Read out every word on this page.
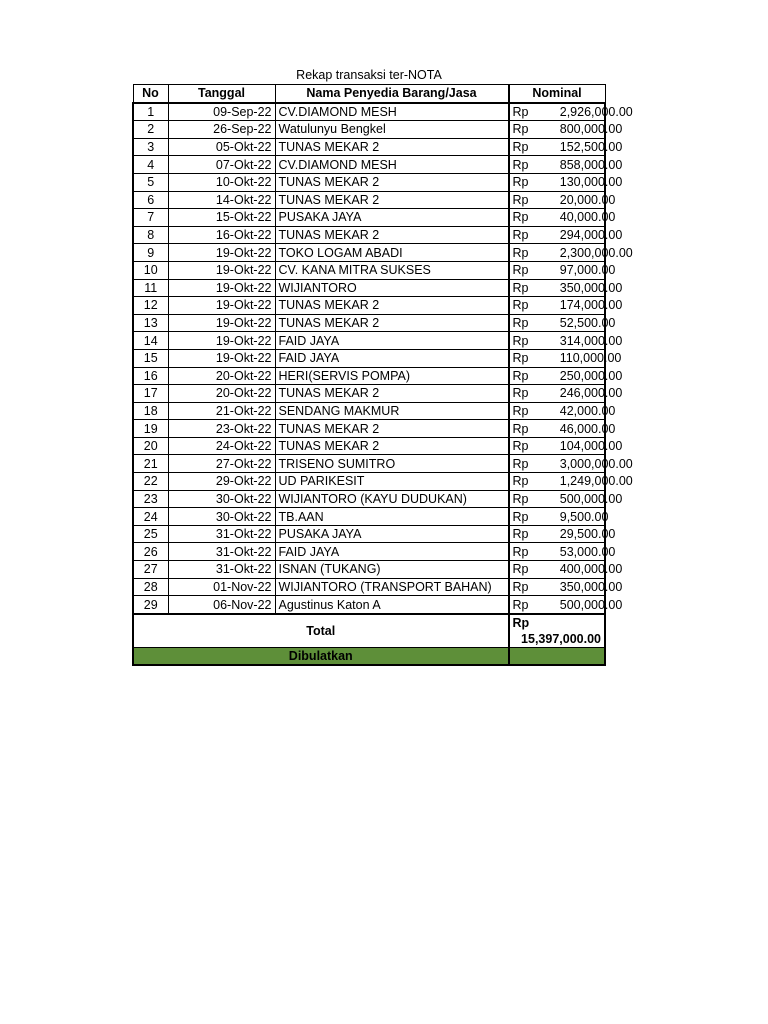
Rekap transaksi ter-NOTA
No	Tanggal	Nama Penyedia Barang/Jasa	Nominal	
1	09-Sep-22	CV.DIAMOND MESH	Rp	2,926,000.00
2	26-Sep-22	Watulunyu Bengkel	Rp	800,000.00
3	05-Okt-22	TUNAS MEKAR 2	Rp	152,500.00
4	07-Okt-22	CV.DIAMOND MESH	Rp	858,000.00
5	10-Okt-22	TUNAS MEKAR 2	Rp	130,000.00
6	14-Okt-22	TUNAS MEKAR 2	Rp	20,000.00
7	15-Okt-22	PUSAKA JAYA	Rp	40,000.00
8	16-Okt-22	TUNAS MEKAR 2	Rp	294,000.00
9	19-Okt-22	TOKO LOGAM ABADI	Rp	2,300,000.00
10	19-Okt-22	CV. KANA MITRA SUKSES	Rp	97,000.00
11	19-Okt-22	WIJIANTORO	Rp	350,000.00
12	19-Okt-22	TUNAS MEKAR 2	Rp	174,000.00
13	19-Okt-22	TUNAS MEKAR 2	Rp	52,500.00
14	19-Okt-22	FAID JAYA	Rp	314,000.00
15	19-Okt-22	FAID JAYA	Rp	110,000.00
16	20-Okt-22	HERI(SERVIS POMPA)	Rp	250,000.00
17	20-Okt-22	TUNAS MEKAR 2	Rp	246,000.00
18	21-Okt-22	SENDANG MAKMUR	Rp	42,000.00
19	23-Okt-22	TUNAS MEKAR 2	Rp	46,000.00
20	24-Okt-22	TUNAS MEKAR 2	Rp	104,000.00
21	27-Okt-22	TRISENO SUMITRO	Rp	3,000,000.00
22	29-Okt-22	UD PARIKESIT	Rp	1,249,000.00
23	30-Okt-22	WIJIANTORO (KAYU DUDUKAN)	Rp	500,000.00
24	30-Okt-22	TB.AAN	Rp	9,500.00
25	31-Okt-22	PUSAKA JAYA	Rp	29,500.00
26	31-Okt-22	FAID JAYA	Rp	53,000.00
27	31-Okt-22	ISNAN (TUKANG)	Rp	400,000.00
28	01-Nov-22	WIJIANTORO (TRANSPORT BAHAN)	Rp	350,000.00
29	06-Nov-22	Agustinus Katon A	Rp	500,000.00
Total			Rp
15,397,000.00	

Dibulatkan				
